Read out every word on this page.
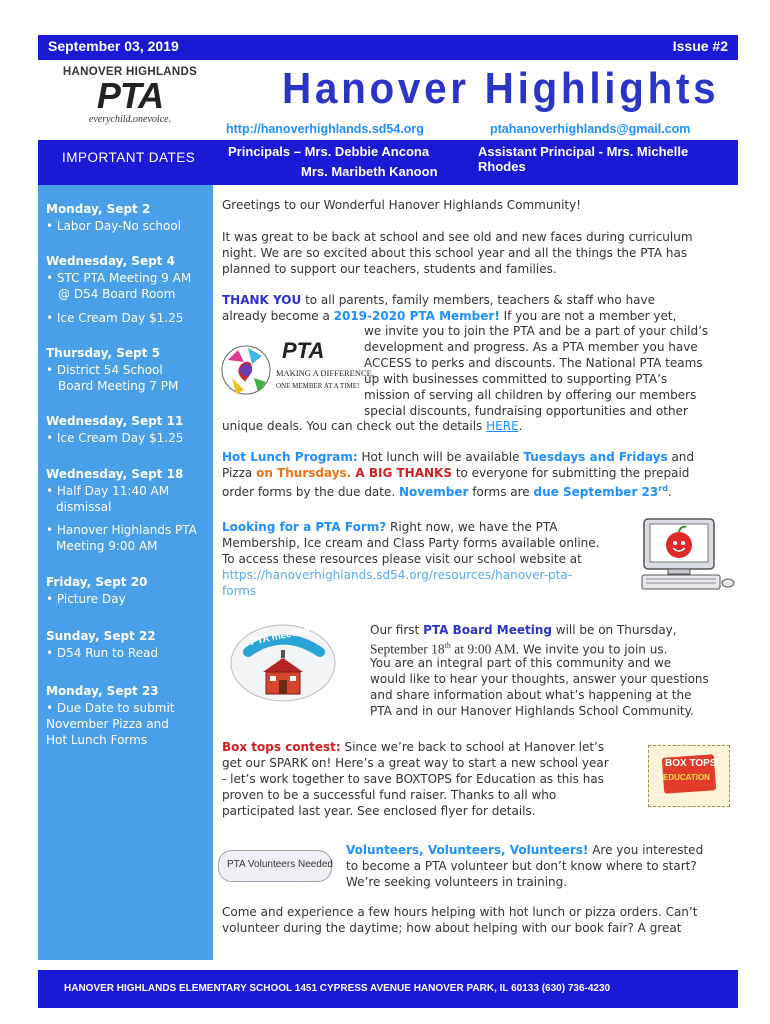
September 03, 2019	Issue #2
HANOVER HIGHLANDS
PTA
everychild.onevoice.
Hanover Highlights
http://hanoverhighlands.sd54.org	ptahanoverhighlands@gmail.com
IMPORTANT DATES	Principals – Mrs. Debbie Ancona
Mrs. Maribeth Kanoon
Assistant Principal - Mrs. Michelle Rhodes
Monday, Sept 2
• Labor Day-No school
Wednesday, Sept 4
• STC PTA Meeting 9 AM
@ D54 Board Room
• Ice Cream Day $1.25
Thursday, Sept 5
• District 54 School
Board Meeting 7 PM
Wednesday, Sept 11
• Ice Cream Day $1.25
Wednesday, Sept 18
• Half Day 11:40 AM
dismissal
• Hanover Highlands PTA
Meeting 9:00 AM
Friday, Sept 20
• Picture Day
Sunday, Sept 22
• D54 Run to Read
Monday, Sept 23
• Due Date to submit
November Pizza and
Hot Lunch Forms
Greetings to our Wonderful Hanover Highlands Community!
It was great to be back at school and see old and new faces during curriculum
night. We are so excited about this school year and all the things the PTA has
planned to support our teachers, students and families.
THANK YOU to all parents, family members, teachers & staff who have
already become a 2019-2020 PTA Member! If you are not a member yet,
we invite you to join the PTA and be a part of your child’s
development and progress. As a PTA member you have
ACCESS to perks and discounts. The National PTA teams
up with businesses committed to supporting PTA’s
mission of serving all children by offering our members
special discounts, fundraising opportunities and other
unique deals. You can check out the details HERE.
PTA
MAKING A DIFFERENCE,
ONE MEMBER AT A TIME!
Hot Lunch Program: Hot lunch will be available Tuesdays and Fridays and
Pizza on Thursdays. A BIG THANKS to everyone for submitting the prepaid
order forms by the due date. November forms are due September 23rd.
Looking for a PTA Form? Right now, we have the PTA
Membership, Ice cream and Class Party forms available online.
To access these resources please visit our school website at
https://hanoverhighlands.sd54.org/resources/hanover-pta-
forms
PTA meeting	Our first PTA Board Meeting will be on Thursday,
September 18th at 9:00 AM. We invite you to join us.
You are an integral part of this community and we
would like to hear your thoughts, answer your questions
and share information about what’s happening at the
PTA and in our Hanover Highlands School Community.
Box tops contest: Since we’re back to school at Hanover let’s
get our SPARK on! Here’s a great way to start a new school year
- let’s work together to save BOXTOPS for Education as this has
proven to be a successful fund raiser. Thanks to all who
participated last year. See enclosed flyer for details.
BOX TOPS
EDUCATION
Volunteers, Volunteers, Volunteers! Are you interested
to become a PTA volunteer but don’t know where to start?
We’re seeking volunteers in training.
PTA Volunteers Needed
Come and experience a few hours helping with hot lunch or pizza orders. Can’t
volunteer during the daytime; how about helping with our book fair? A great
HANOVER HIGHLANDS ELEMENTARY SCHOOL 1451 CYPRESS AVENUE HANOVER PARK, IL 60133 (630) 736-4230
